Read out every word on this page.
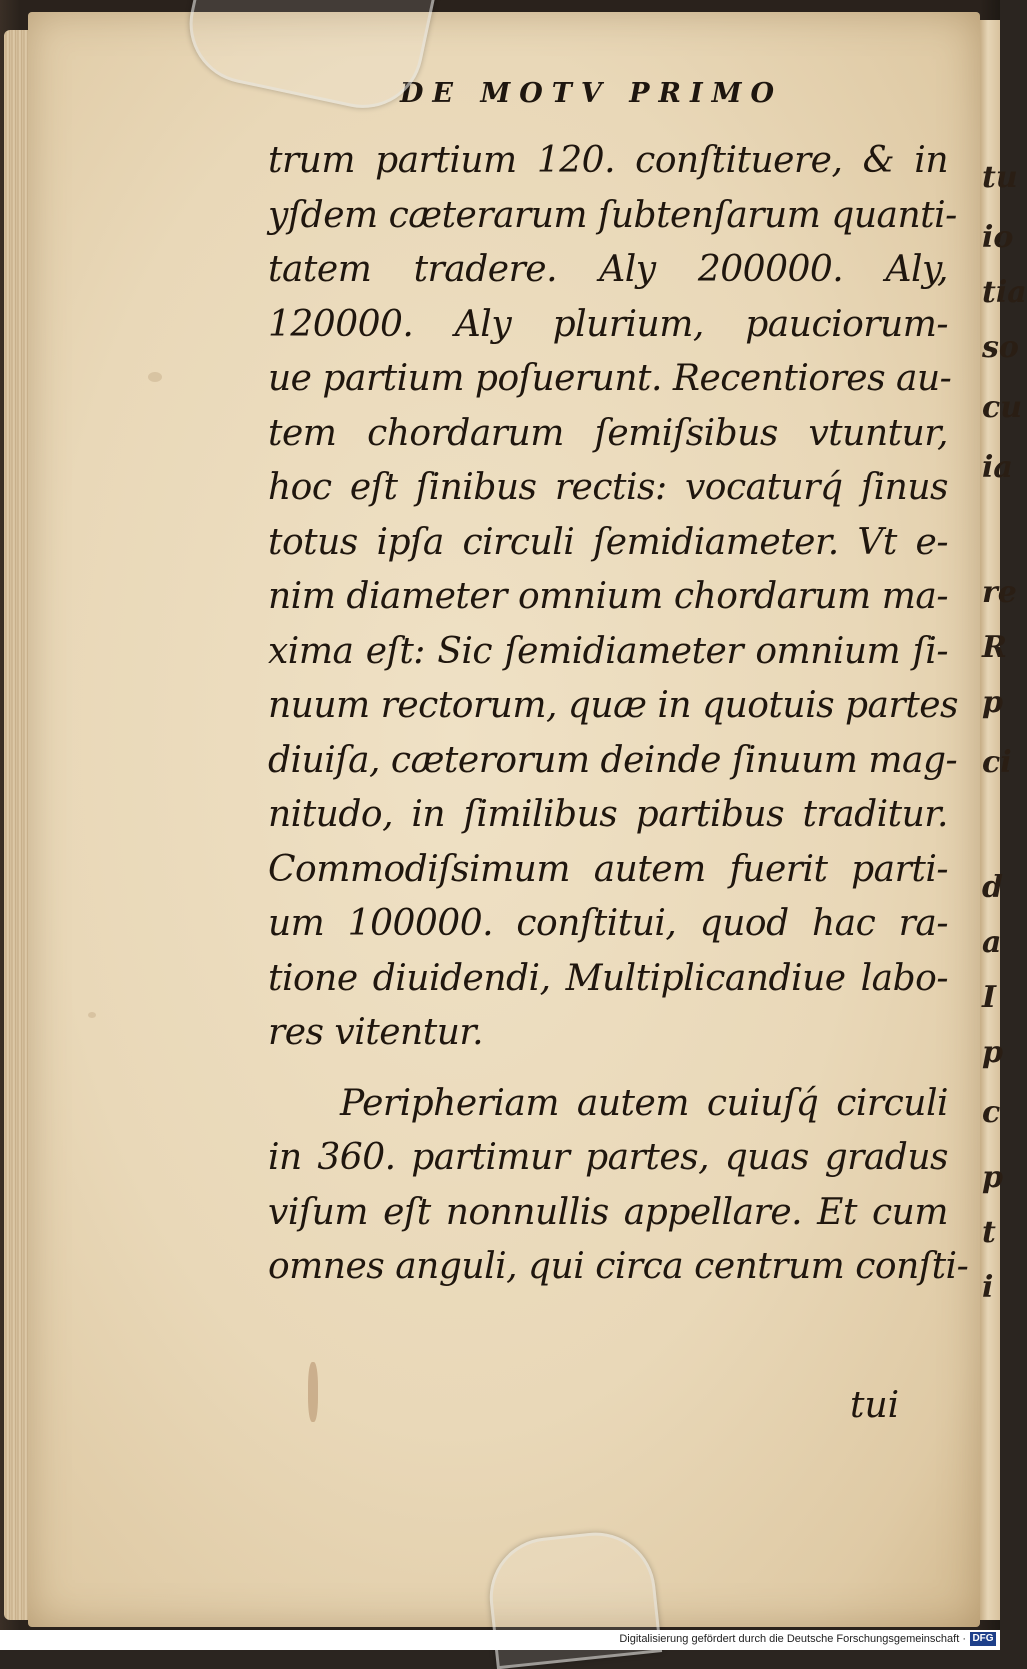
tu
io
tia
so
cu
ia
re
R
p
ci
d
a
I
p
c
p
t
i
DE MOTV PRIMO
trum partium 120. conſtituere, & in
yſdem cæterarum ſubtenſarum quanti-
tatem tradere. Aly 200000. Aly,
120000. Aly plurium, pauciorum-
ue partium poſuerunt. Recentiores au-
tem chordarum ſemiſsibus vtuntur,
hoc eſt ſinibus rectis: vocaturq́ ſinus
totus ipſa circuli ſemidiameter. Vt e-
nim diameter omnium chordarum ma-
xima eſt: Sic ſemidiameter omnium ſi-
nuum rectorum, quæ in quotuis partes
diuiſa, cæterorum deinde ſinuum mag-
nitudo, in ſimilibus partibus traditur.
Commodiſsimum autem fuerit parti-
um 100000. conſtitui, quod hac ra-
tione diuidendi, Multiplicandiue labo-
res vitentur.
Peripheriam autem cuiuſq́ circuli
in 360. partimur partes, quas gradus
viſum eſt nonnullis appellare. Et cum
omnes anguli, qui circa centrum conſti-
tui
Digitalisierung gefördert durch die Deutsche Forschungsgemeinschaft · DFG
